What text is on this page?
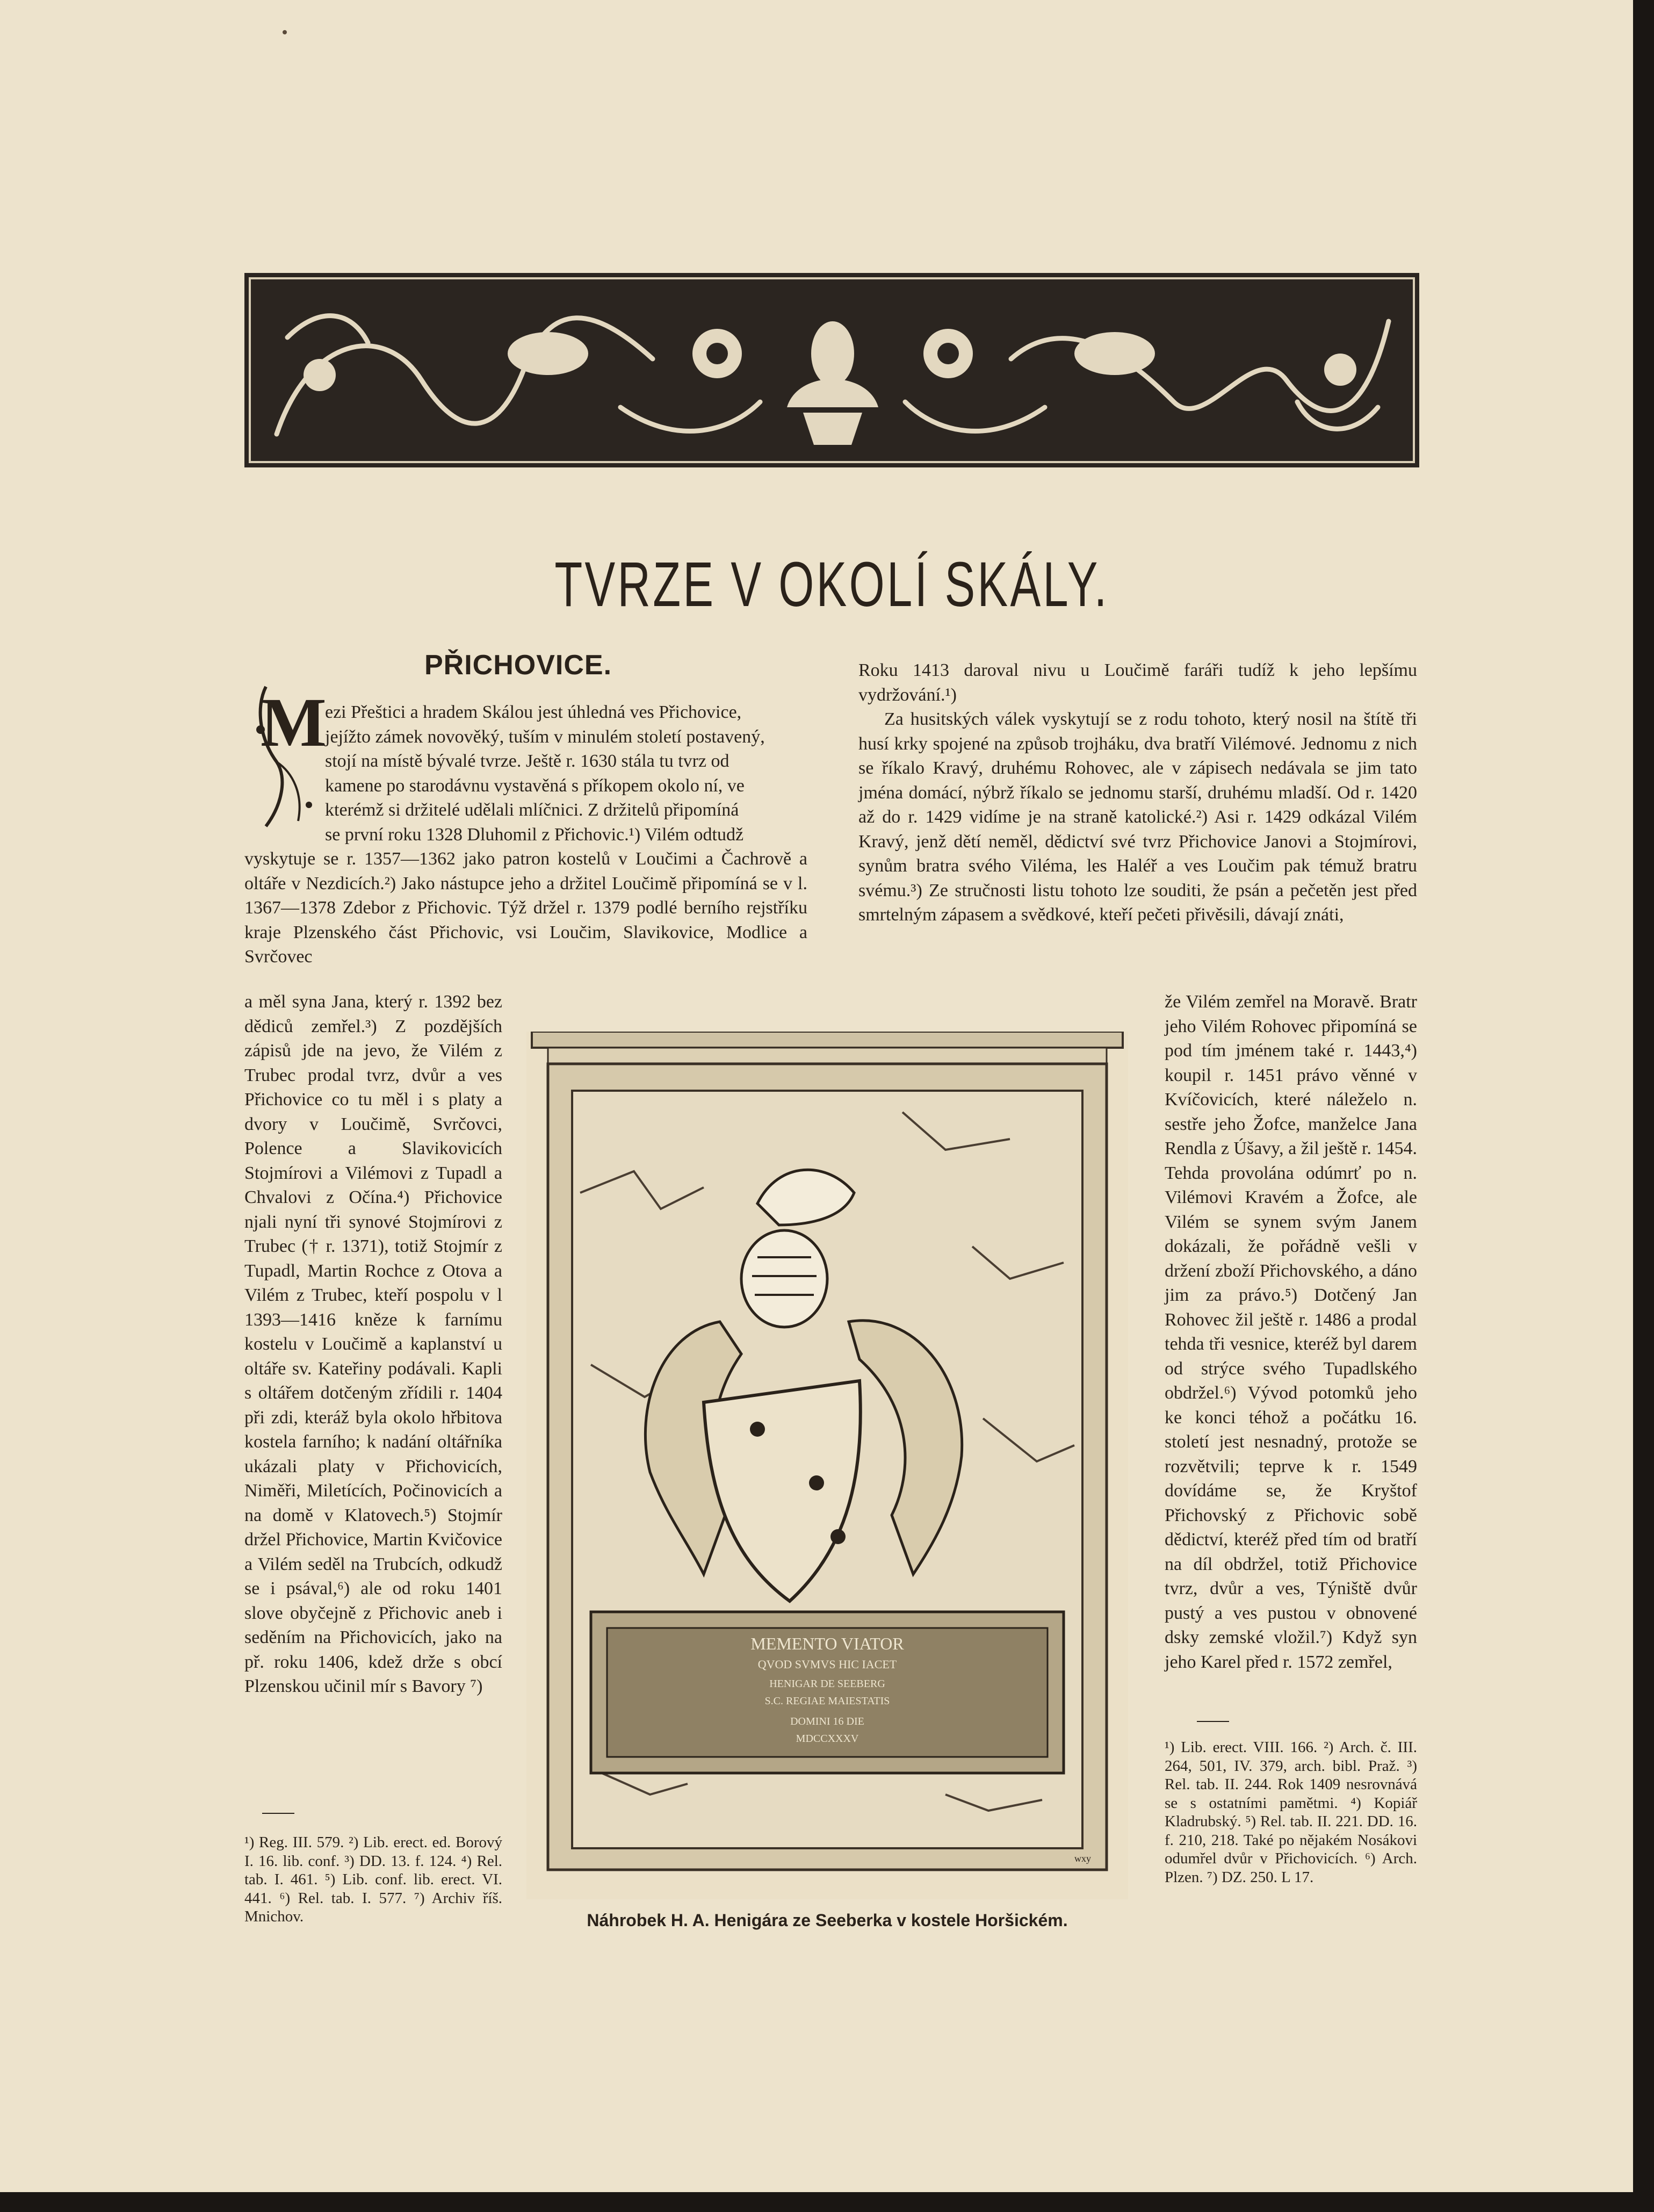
TVRZE V OKOLÍ SKÁLY.
PŘICHOVICE.
M
ezi Přeštici a hradem Skálou jest úhledná ves Přichovice,
jejížto zámek novověký, tuším v minulém století postavený,
stojí na místě bývalé tvrze. Ještě r. 1630 stála tu tvrz od
kamene po starodávnu vystavěná s příkopem okolo ní, ve
kterémž si držitelé udělali mlíčnici. Z držitelů připomíná
se první roku 1328 Dluhomil z Přichovic.¹) Vilém odtudž
vyskytuje se r. 1357—1362 jako patron kostelů v Loučimi a Čachrově a oltáře v Nezdicích.²) Jako nástupce jeho a držitel Loučimě připomíná se v l. 1367—1378 Zdebor z Přichovic. Týž držel r. 1379 podlé berního rejstříku kraje Plzenského část Přichovic, vsi Loučim, Slavikovice, Modlice a Svrčovec

a měl syna Jana, který r. 1392 bez dědiců zemřel.³) Z pozdějších zápisů jde na jevo, že Vilém z Trubec prodal tvrz, dvůr a ves Přichovice co tu měl i s platy a dvory v Loučimě, Svrčovci, Polence a Slavikovicích Stojmírovi a Vilémovi z Tupadl a Chvalovi z Očína.⁴) Přichovice njali nyní tři synové Stojmírovi z Trubec († r. 1371), totiž Stojmír z Tupadl, Martin Rochce z Otova a Vilém z Trubec, kteří pospolu v l 1393—1416 kněze k farnímu kostelu v Loučimě a kaplanství u oltáře sv. Kateřiny podávali. Kapli s oltářem dotčeným zřídili r. 1404 při zdi, kteráž byla okolo hřbitova kostela farního; k nadání oltářníka ukázali platy v Přichovicích, Niměři, Miletících, Počinovicích a na domě v Klatovech.⁵) Stojmír držel Přichovice, Martin Kvičovice a Vilém seděl na Trubcích, odkudž se i psával,⁶) ale od roku 1401 slove obyčejně z Přichovic aneb i seděním na Přichovicích, jako na př. roku 1406, kdež drže s obcí Plzenskou učinil mír s Bavory ⁷)

¹) Reg. III. 579. ²) Lib. erect. ed. Borový I. 16. lib. conf. ³) DD. 13. f. 124. ⁴) Rel. tab. I. 461. ⁵) Lib. conf. lib. erect. VI. 441. ⁶) Rel. tab. I. 577. ⁷) Archiv říš. Mnichov.

Roku 1413 daroval nivu u Loučimě faráři tudíž k jeho lepšímu vydržování.¹)

Za husitských válek vyskytují se z rodu tohoto, který nosil na štítě tři husí krky spojené na způsob trojháku, dva bratří Vilémové. Jednomu z nich se říkalo Kravý, druhému Rohovec, ale v zápisech nedávala se jim tato jména domácí, nýbrž říkalo se jednomu starší, druhému mladší. Od r. 1420 až do r. 1429 vidíme je na straně katolické.²) Asi r. 1429 odkázal Vilém Kravý, jenž dětí neměl, dědictví své tvrz Přichovice Janovi a Stojmírovi, synům bratra svého Viléma, les Haléř a ves Loučim pak témuž bratru svému.³) Ze stručnosti listu tohoto lze souditi, že psán a pečetěn jest před smrtelným zápasem a svědkové, kteří pečeti přivěsili, dávají znáti,

že Vilém zemřel na Moravě. Bratr jeho Vilém Rohovec připomíná se pod tím jménem také r. 1443,⁴) koupil r. 1451 právo věnné v Kvíčovicích, které náleželo n. sestře jeho Žofce, manželce Jana Rendla z Úšavy, a žil ještě r. 1454. Tehda provolána odúmrť po n. Vilémovi Kravém a Žofce, ale Vilém se synem svým Janem dokázali, že pořádně vešli v držení zboží Přichovského, a dáno jim za právo.⁵) Dotčený Jan Rohovec žil ještě r. 1486 a prodal tehda tři vesnice, kteréž byl darem od strýce svého Tupadlského obdržel.⁶) Vývod potomků jeho ke konci téhož a počátku 16. století jest nesnadný, protože se rozvětvili; teprve k r. 1549 dovídáme se, že Kryštof Přichovský z Přichovic sobě dědictví, kteréž před tím od bratří na díl obdržel, totiž Přichovice tvrz, dvůr a ves, Týniště dvůr pustý a ves pustou v obnovené dsky zemské vložil.⁷) Když syn jeho Karel před r. 1572 zemřel,

¹) Lib. erect. VIII. 166. ²) Arch. č. III. 264, 501, IV. 379, arch. bibl. Praž. ³) Rel. tab. II. 244. Rok 1409 nesrovnává se s ostatními pamětmi. ⁴) Kopiář Kladrubský. ⁵) Rel. tab. II. 221. DD. 16. f. 210, 218. Také po nějakém Nosákovi odumřel dvůr v Přichovicích. ⁶) Arch. Plzen. ⁷) DZ. 250. L 17.

MEMENTO VIATOR
QVOD SVMVS HIC IACET
HENIGAR DE SEEBERG
S.C. REGIAE MAIESTATIS
DOMINI 16 DIE
MDCCXXXV
wxy
Náhrobek H. A. Henigára ze Seeberka v kostele Horšickém.
